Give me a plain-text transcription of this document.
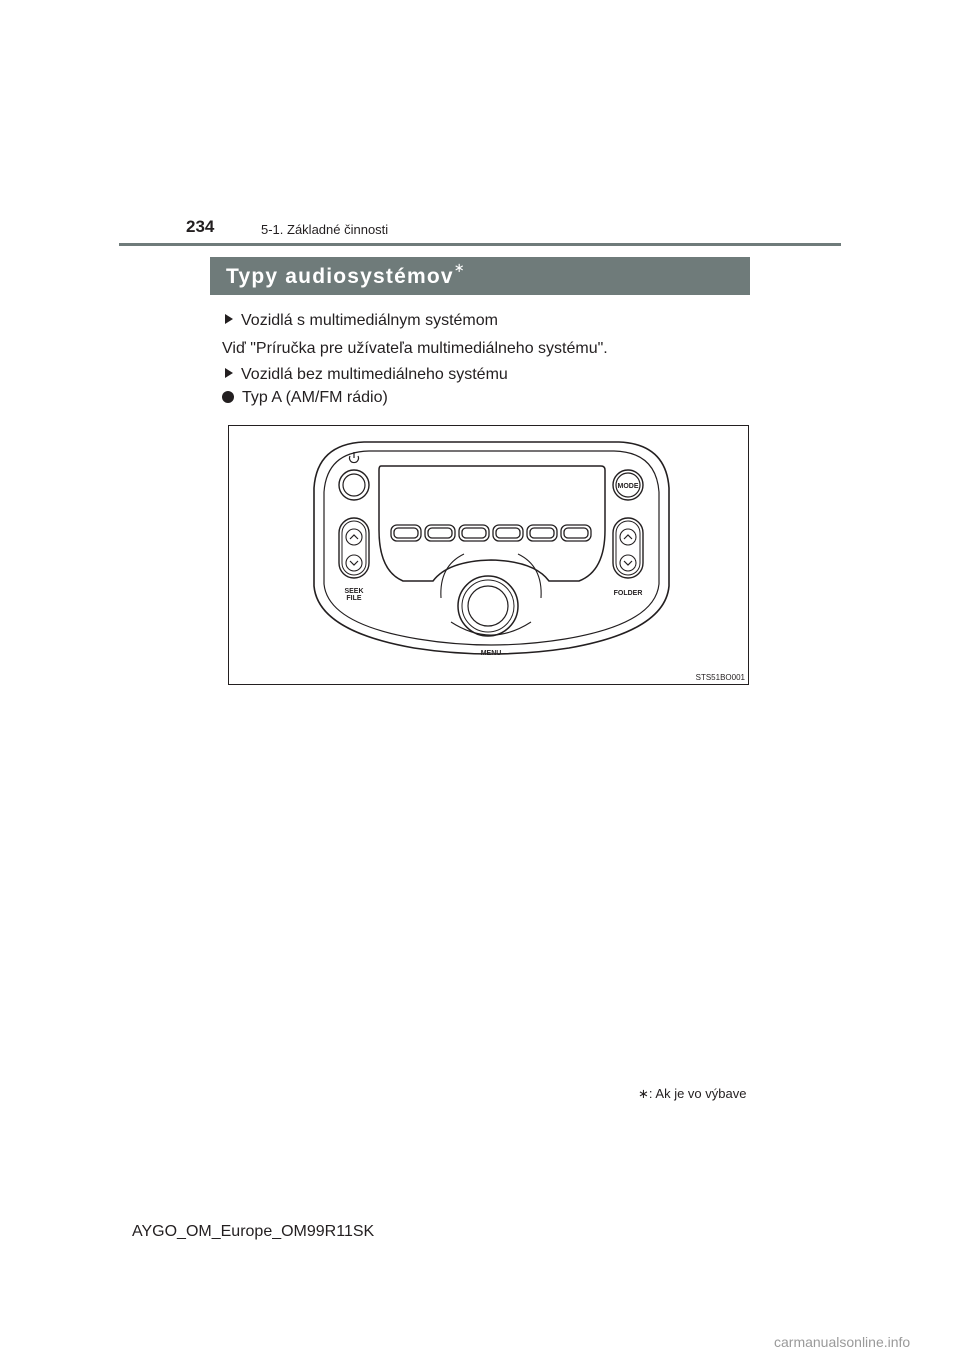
234	5-1. Základné činnosti
Typy audiosystémov∗
Vozidlá s multimediálnym systémom
Viď "Príručka pre užívateľa multimediálneho systému".
Vozidlá bez multimediálneho systému
Typ A (AM/FM rádio)
MODE
SEEK
FILE
FOLDER
MENU
STS51BO001
∗: Ak je vo výbave
AYGO_OM_Europe_OM99R11SK
carmanualsonline.info
